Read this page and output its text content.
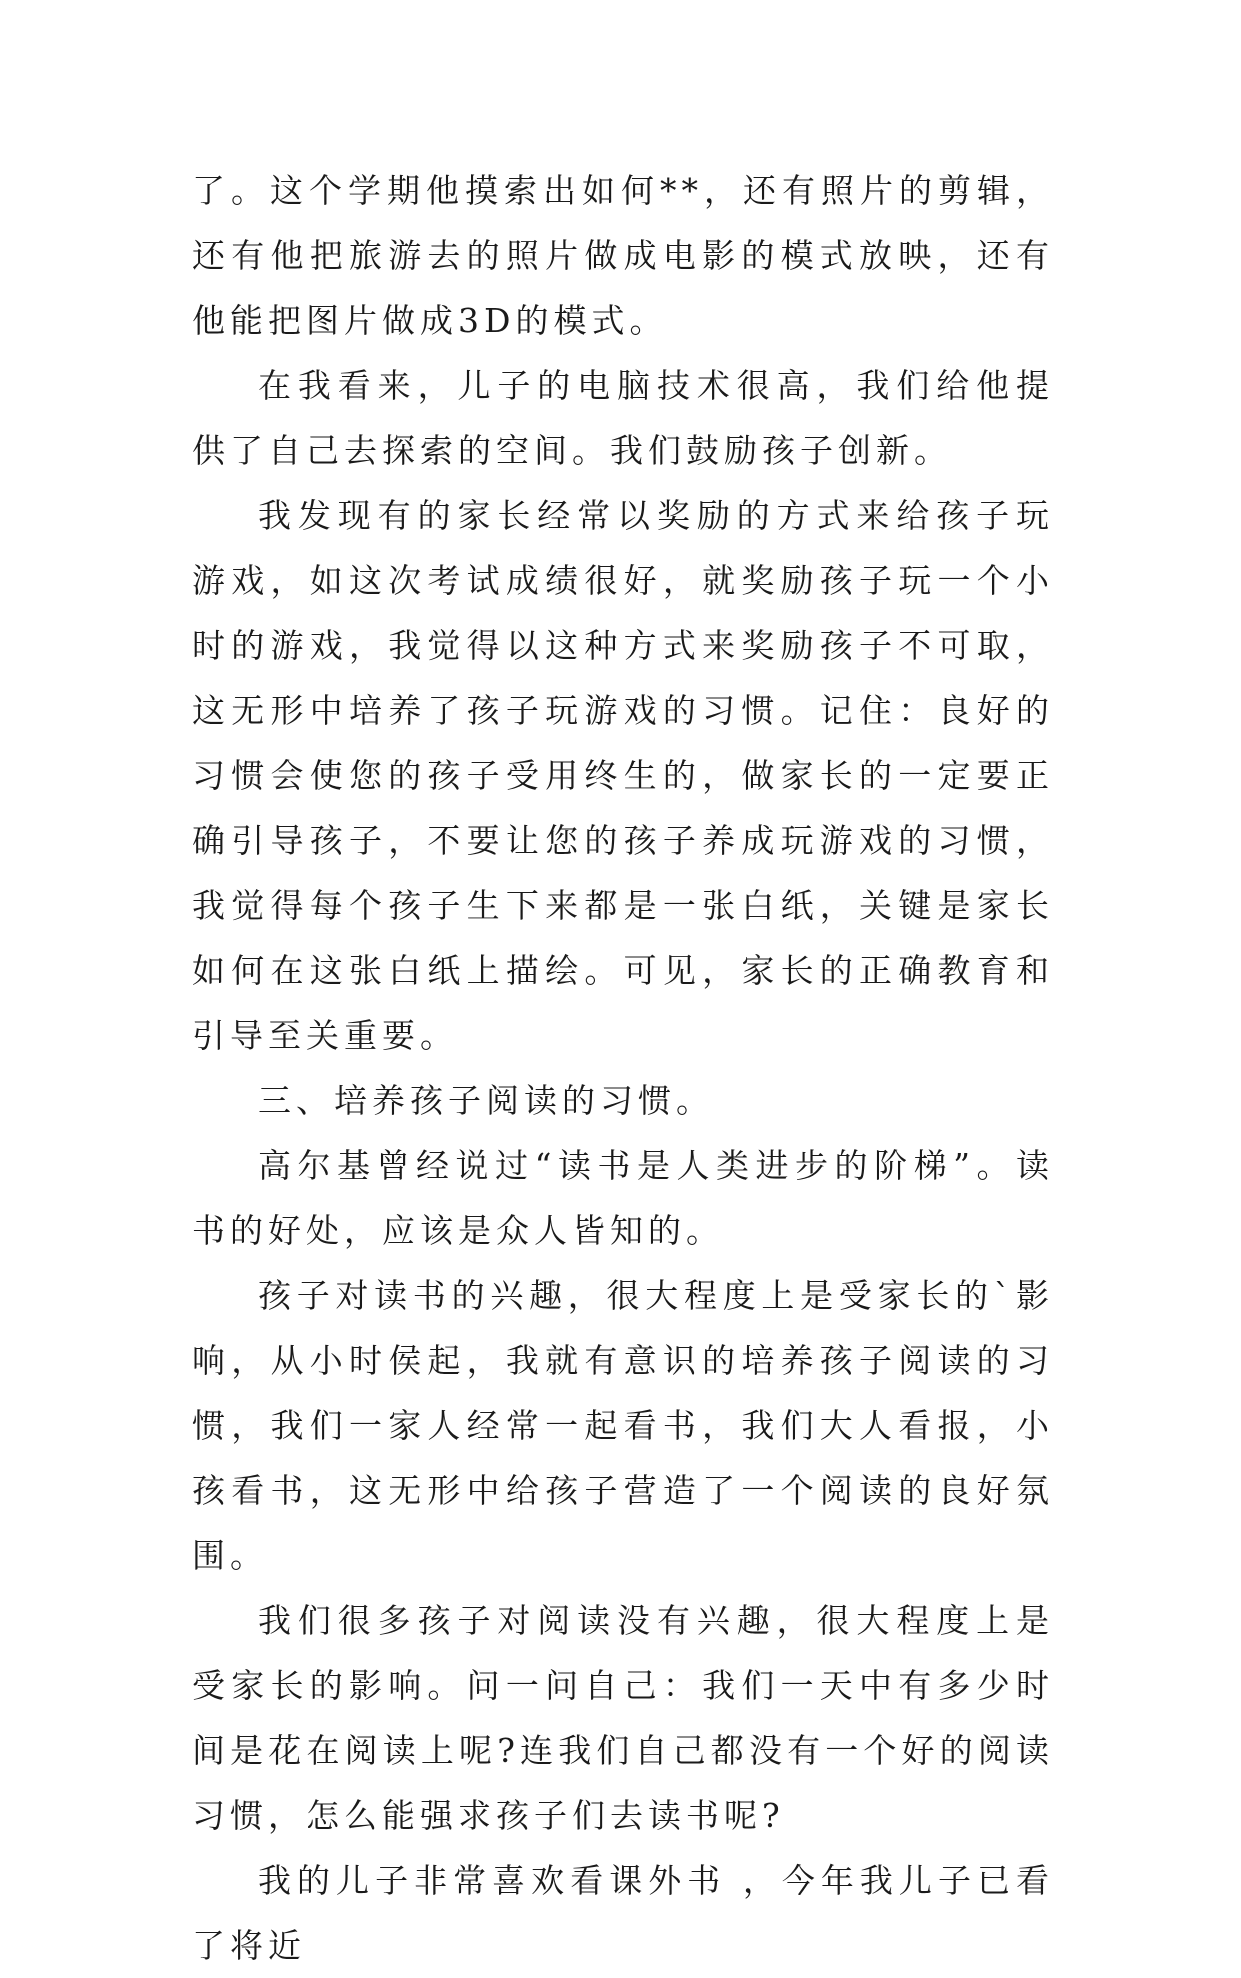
了。这个学期他摸索出如何**，还有照片的剪辑，还有他把旅游去的照片做成电影的模式放映，还有他能把图片做成3D的模式。

在我看来，儿子的电脑技术很高，我们给他提供了自己去探索的空间。我们鼓励孩子创新。

我发现有的家长经常以奖励的方式来给孩子玩游戏，如这次考试成绩很好，就奖励孩子玩一个小时的游戏，我觉得以这种方式来奖励孩子不可取，这无形中培养了孩子玩游戏的习惯。记住：良好的习惯会使您的孩子受用终生的，做家长的一定要正确引导孩子，不要让您的孩子养成玩游戏的习惯，我觉得每个孩子生下来都是一张白纸，关键是家长如何在这张白纸上描绘。可见，家长的正确教育和引导至关重要。

三、培养孩子阅读的习惯。

高尔基曾经说过“读书是人类进步的阶梯”。读书的好处，应该是众人皆知的。

孩子对读书的兴趣，很大程度上是受家长的`影响，从小时侯起，我就有意识的培养孩子阅读的习惯，我们一家人经常一起看书，我们大人看报，小孩看书，这无形中给孩子营造了一个阅读的良好氛围。

我们很多孩子对阅读没有兴趣，很大程度上是受家长的影响。问一问自己：我们一天中有多少时间是花在阅读上呢?连我们自己都没有一个好的阅读习惯，怎么能强求孩子们去读书呢?

我的儿子非常喜欢看课外书 ，今年我儿子已看了将近
